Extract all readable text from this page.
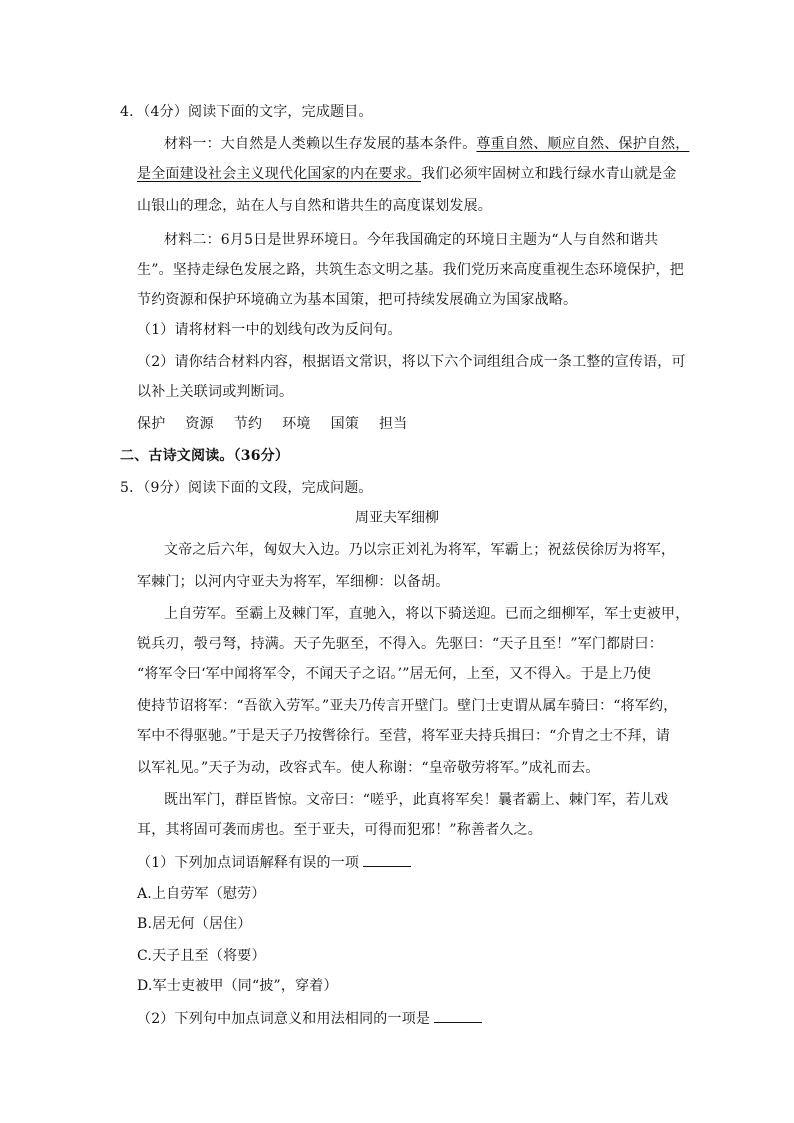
4．（4分）阅读下面的文字，完成题目。
材料一：大自然是人类赖以生存发展的基本条件。尊重自然、顺应自然、保护自然，
是全面建设社会主义现代化国家的内在要求。我们必须牢固树立和践行绿水青山就是金
山银山的理念，站在人与自然和谐共生的高度谋划发展。
材料二：6月5日是世界环境日。今年我国确定的环境日主题为“人与自然和谐共
生”。坚持走绿色发展之路，共筑生态文明之基。我们党历来高度重视生态环境保护，把
节约资源和保护环境确立为基本国策，把可持续发展确立为国家战略。
（1）请将材料一中的划线句改为反问句。
（2）请你结合材料内容，根据语文常识，将以下六个词组组合成一条工整的宣传语，可
以补上关联词或判断词。
保护 资源 节约 环境 国策 担当
二、古诗文阅读。（36分）
5．（9分）阅读下面的文段，完成问题。
周亚夫军细柳
文帝之后六年，匈奴大入边。乃以宗正刘礼为将军，军霸上；祝兹侯徐厉为将军，
军棘门；以河内守亚夫为将军，军细柳：以备胡。
上自劳军。至霸上及棘门军，直驰入，将以下骑送迎。已而之细柳军，军士吏被甲，
锐兵刃，彀弓弩，持满。天子先驱至，不得入。先驱曰：“天子且至！”军门都尉曰：
“将军令曰‘军中闻将军令，不闻天子之诏。’”居无何，上至，又不得入。于是上乃使
使持节诏将军：“吾欲入劳军。”亚夫乃传言开壁门。壁门士吏谓从属车骑曰：“将军约，
军中不得驱驰。”于是天子乃按辔徐行。至营，将军亚夫持兵揖曰：“介胄之士不拜，请
以军礼见。”天子为动，改容式车。使人称谢：“皇帝敬劳将军。”成礼而去。
既出军门，群臣皆惊。文帝曰：“嗟乎，此真将军矣！曩者霸上、棘门军，若儿戏
耳，其将固可袭而虏也。至于亚夫，可得而犯邪！”称善者久之。
（1）下列加点词语解释有误的一项
A.上自劳军（慰劳）
B.居无何（居住）
C.天子且至（将要）
D.军士吏被甲（同“披”，穿着）
（2）下列句中加点词意义和用法相同的一项是
